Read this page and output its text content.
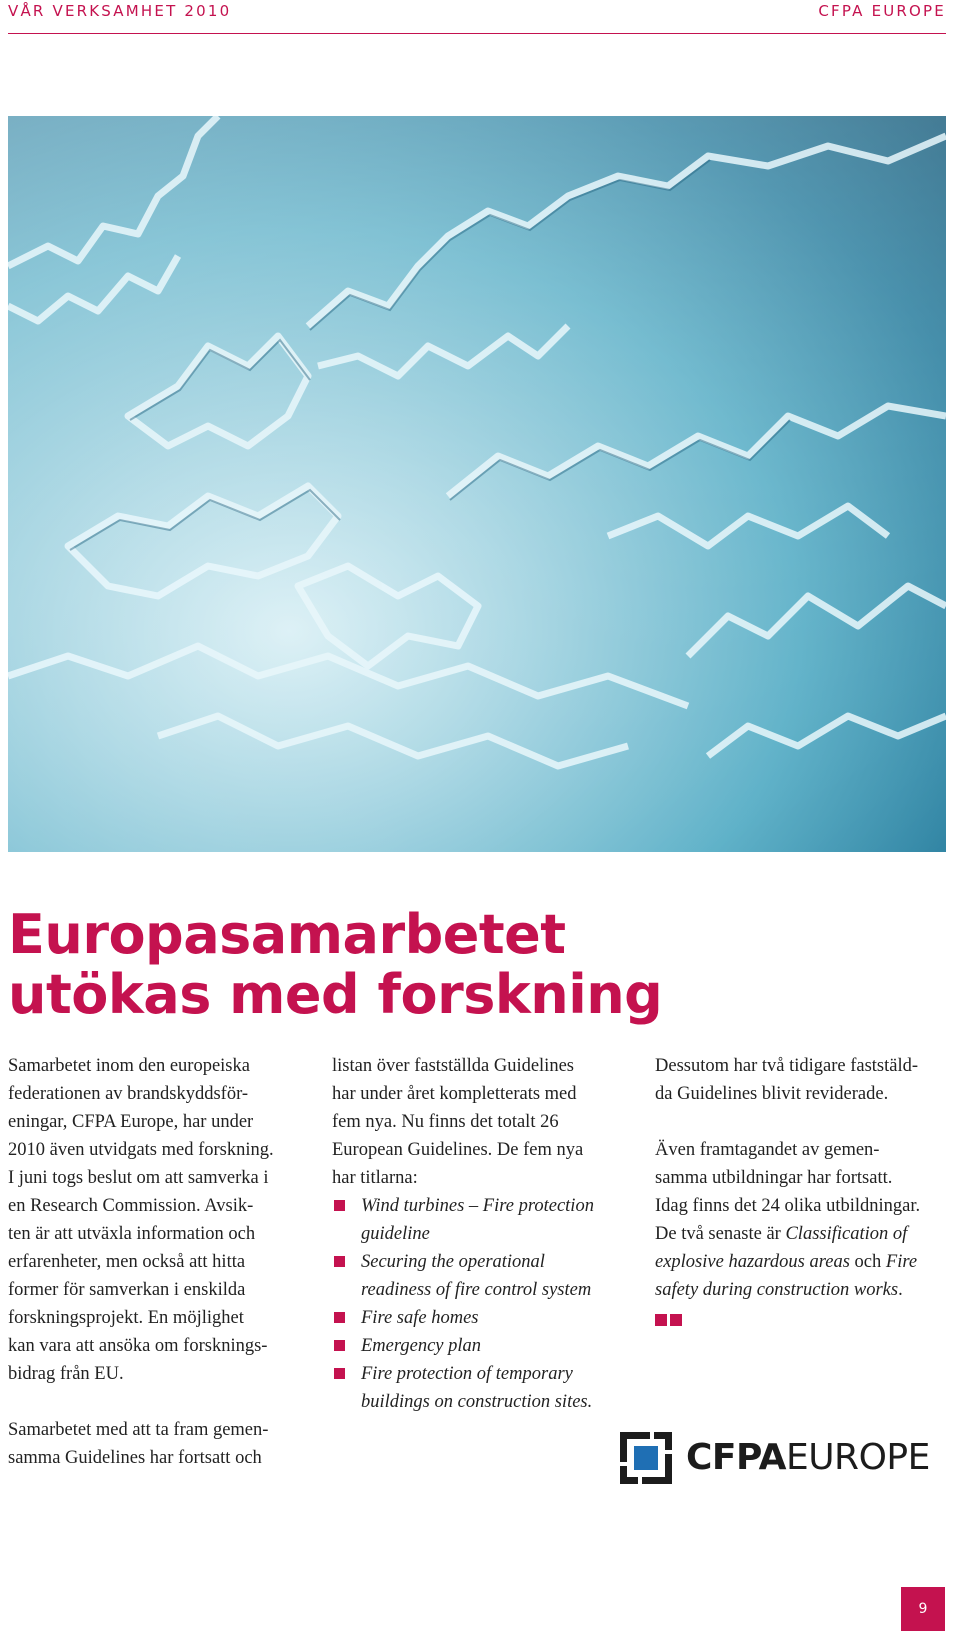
VÅR VERKSAMHET 2010	CFPA EUROPE
Europasamarbetet
utökas med forskning

Samarbetet inom den europeiska

federationen av brandskyddsför-

eningar, CFPA Europe, har under

2010 även utvidgats med forskning.

I juni togs beslut om att samverka i

en Research Commission. Avsik-

ten är att utväxla information och

erfarenheter, men också att hitta

former för samverkan i enskilda

forskningsprojekt. En möjlighet

kan vara att ansöka om forsknings-

bidrag från EU.

Samarbetet med att ta fram gemen-

samma Guidelines har fortsatt och

listan över fastställda Guidelines

har under året kompletterats med

fem nya. Nu finns det totalt 26

European Guidelines. De fem nya

har titlarna:

Wind turbines – Fire protection
guideline
Securing the operational
readiness of fire control system
Fire safe homes
Emergency plan
Fire protection of temporary
buildings on construction sites.

Dessutom har två tidigare faststäld-

da Guidelines blivit reviderade.

Även framtagandet av gemen-

samma utbildningar har fortsatt.

Idag finns det 24 olika utbildningar.

De två senaste är Classification of

explosive hazardous areas och Fire

safety during construction works.

CFPAEUROPE
9
